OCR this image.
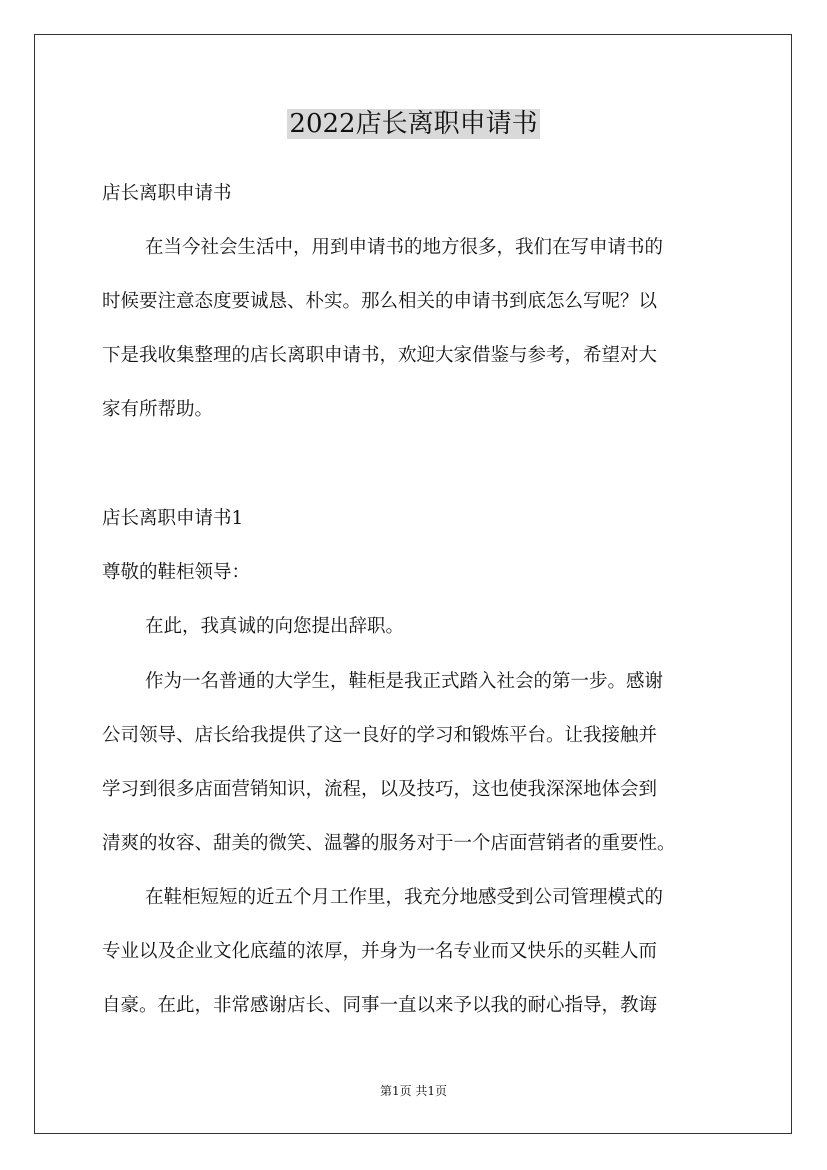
2022店长离职申请书
店长离职申请书
在当今社会生活中，用到申请书的地方很多，我们在写申请书的
时候要注意态度要诚恳、朴实。那么相关的申请书到底怎么写呢？以
下是我收集整理的店长离职申请书，欢迎大家借鉴与参考，希望对大
家有所帮助。
店长离职申请书1
尊敬的鞋柜领导：
在此，我真诚的向您提出辞职。
作为一名普通的大学生，鞋柜是我正式踏入社会的第一步。感谢
公司领导、店长给我提供了这一良好的学习和锻炼平台。让我接触并
学习到很多店面营销知识，流程，以及技巧，这也使我深深地体会到
清爽的妆容、甜美的微笑、温馨的服务对于一个店面营销者的重要性。
在鞋柜短短的近五个月工作里，我充分地感受到公司管理模式的
专业以及企业文化底蕴的浓厚，并身为一名专业而又快乐的买鞋人而
自豪。在此，非常感谢店长、同事一直以来予以我的耐心指导，教诲
第1页 共1页
